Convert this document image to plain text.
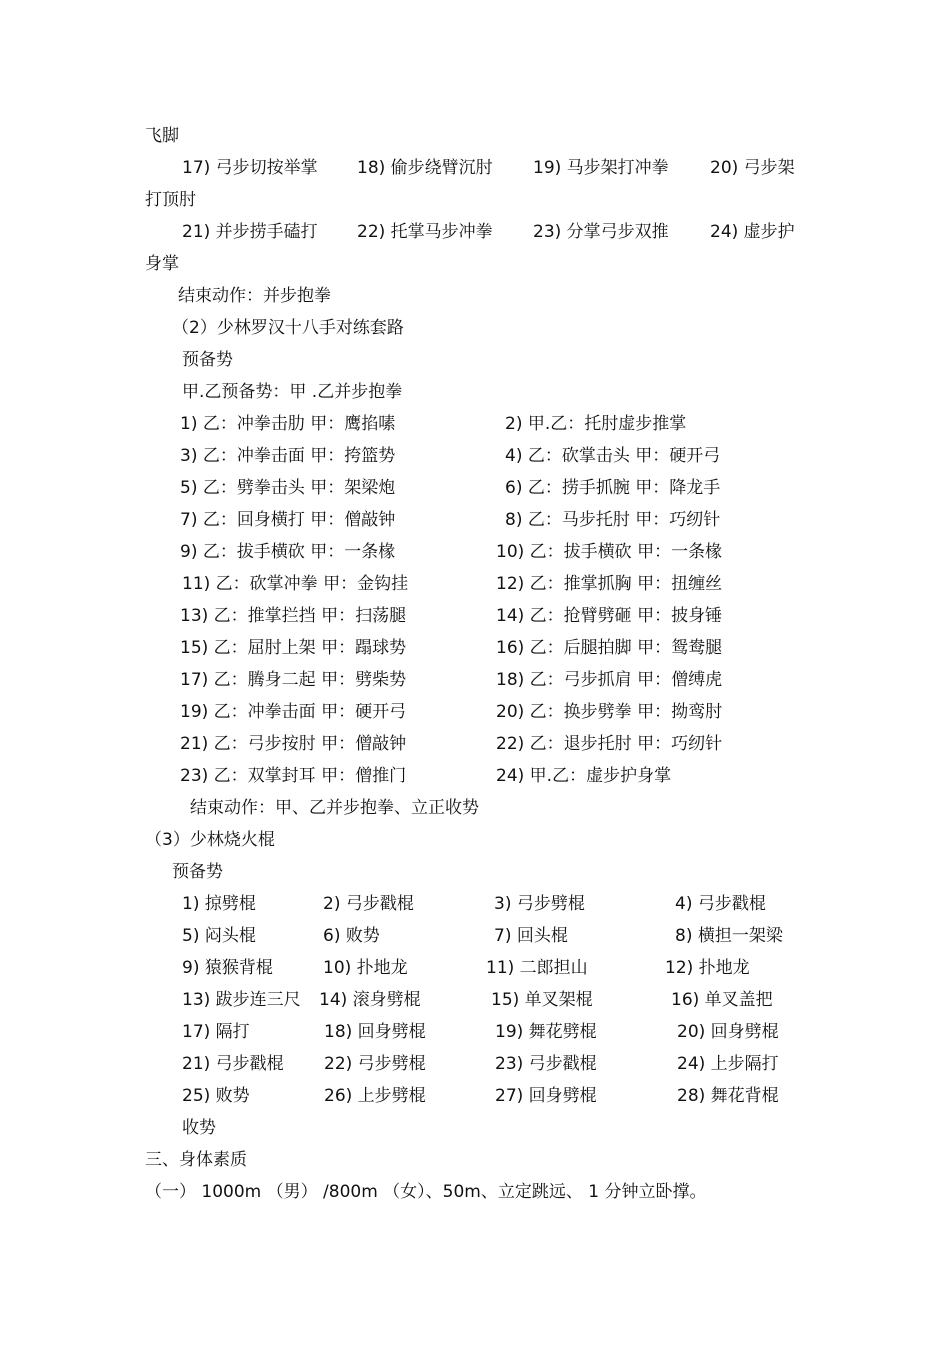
飞脚
17) 弓步切按举掌 18) 偷步绕臂沉肘 19) 马步架打冲拳 20) 弓步架
打顶肘
21) 并步捞手磕打 22) 托掌马步冲拳 23) 分掌弓步双推 24) 虚步护
身掌
结束动作：并步抱拳
（2）少林罗汉十八手对练套路
预备势
甲.乙预备势：甲 .乙并步抱拳
1) 乙：冲拳击肋 甲：鹰掐嗉	2) 甲.乙：托肘虚步推掌
3) 乙：冲拳击面 甲：挎篮势	4) 乙：砍掌击头 甲：硬开弓
5) 乙：劈拳击头 甲：架梁炮	6) 乙：捞手抓腕 甲：降龙手
7) 乙：回身横打 甲：僧敲钟	8) 乙：马步托肘 甲：巧纫针
9) 乙：拔手横砍 甲：一条椽	10) 乙：拔手横砍 甲：一条椽
11) 乙：砍掌冲拳 甲：金钩挂	12) 乙：推掌抓胸 甲：扭缠丝
13) 乙：推掌拦挡 甲：扫荡腿	14) 乙：抢臂劈砸 甲：披身锤
15) 乙：屈肘上架 甲：蹋球势	16) 乙：后腿拍脚 甲：鸳鸯腿
17) 乙：腾身二起 甲：劈柴势	18) 乙：弓步抓肩 甲：僧缚虎
19) 乙：冲拳击面 甲：硬开弓	20) 乙：换步劈拳 甲：拗鸾肘
21) 乙：弓步按肘 甲：僧敲钟	22) 乙：退步托肘 甲：巧纫针
23) 乙：双掌封耳 甲：僧推门	24) 甲.乙：虚步护身掌
结束动作：甲、乙并步抱拳、立正收势
（3）少林烧火棍
预备势
1) 掠劈棍	2) 弓步戳棍	3) 弓步劈棍	4) 弓步戳棍
5) 闷头棍	6) 败势	7) 回头棍	8) 横担一架梁
9) 猿猴背棍	10) 扑地龙	11) 二郎担山	12) 扑地龙
13) 跋步连三尺 14) 滚身劈棍	15) 单叉架棍	16) 单叉盖把
17) 隔打	18) 回身劈棍	19) 舞花劈棍	20) 回身劈棍
21) 弓步戳棍 22) 弓步劈棍	23) 弓步戳棍	24) 上步隔打
25) 败势	26) 上步劈棍	27) 回身劈棍	28) 舞花背棍
收势
三、身体素质
（一） 1000m （男） /800m （女）、50m、立定跳远、 1 分钟立卧撑。
